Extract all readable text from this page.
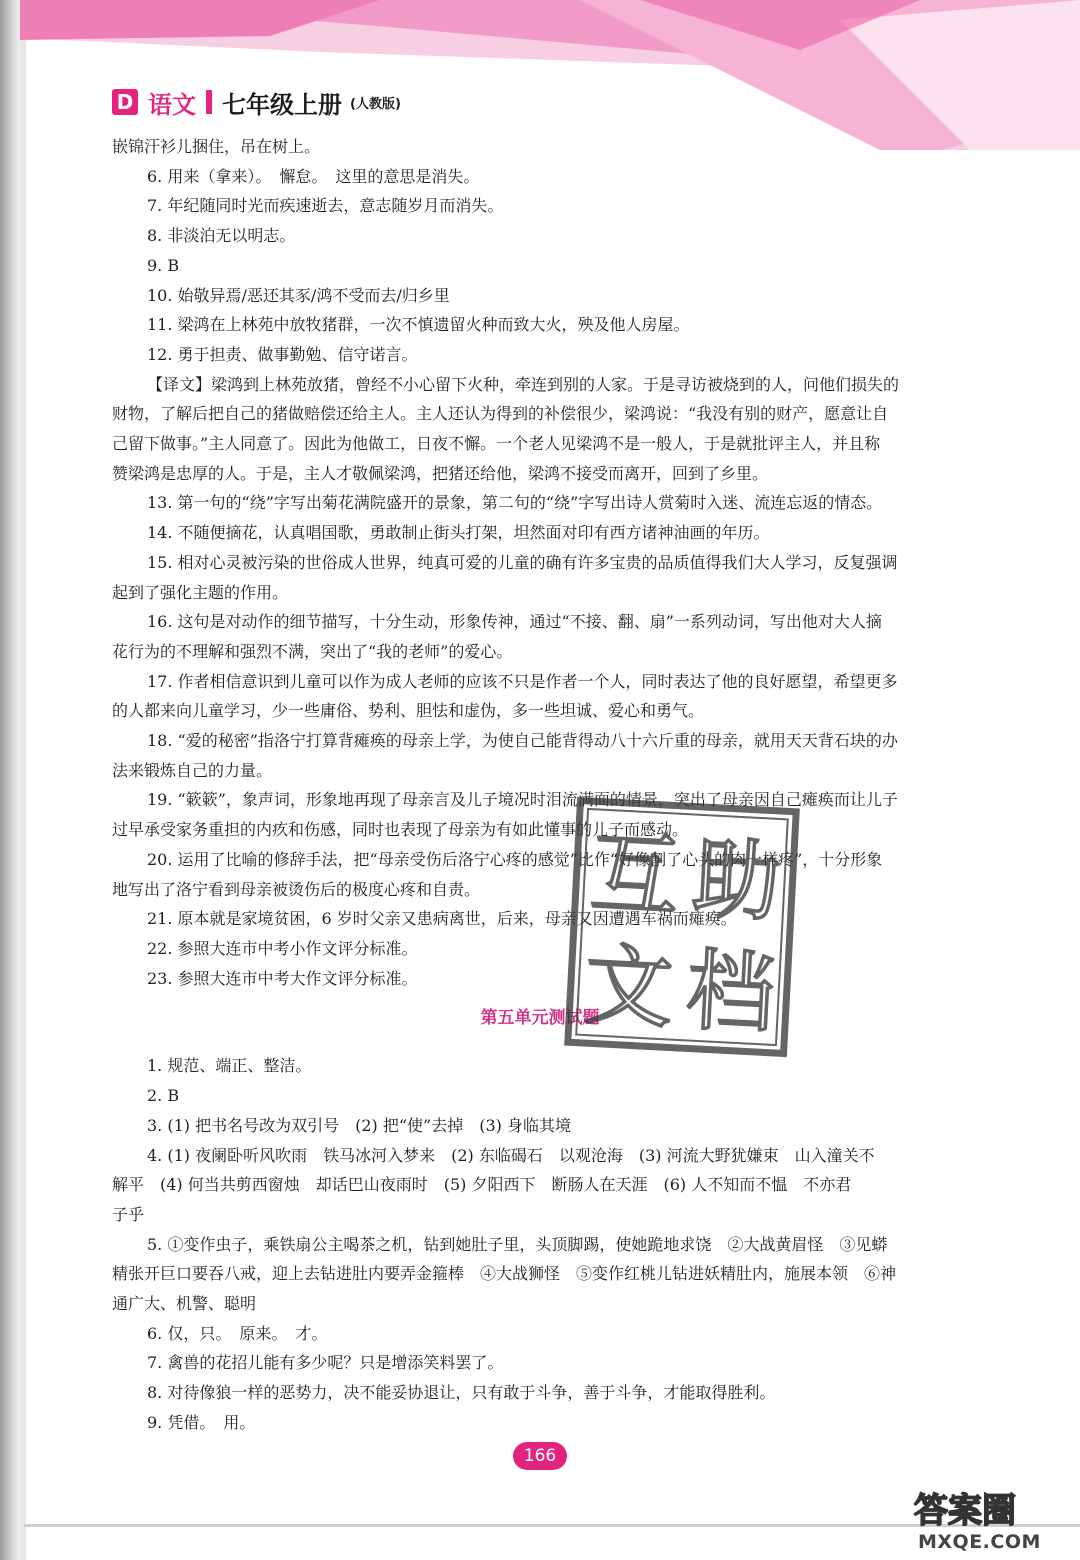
D 语文 七年级上册 (人教版)
嵌锦汗衫儿捆住，吊在树上。
6. 用来（拿来）。　懈怠。　这里的意思是消失。
7. 年纪随同时光而疾速逝去，意志随岁月而消失。
8. 非淡泊无以明志。
9. B
10. 始敬异焉/恶还其豕/鸿不受而去/归乡里
11. 梁鸿在上林苑中放牧猪群，一次不慎遗留火种而致大火，殃及他人房屋。
12. 勇于担责、做事勤勉、信守诺言。
【译文】梁鸿到上林苑放猪，曾经不小心留下火种，牵连到别的人家。于是寻访被烧到的人，问他们损失的
财物，了解后把自己的猪做赔偿还给主人。主人还认为得到的补偿很少，梁鸿说：“我没有别的财产，愿意让自
己留下做事。”主人同意了。因此为他做工，日夜不懈。一个老人见梁鸿不是一般人，于是就批评主人，并且称
赞梁鸿是忠厚的人。于是，主人才敬佩梁鸿，把猪还给他，梁鸿不接受而离开，回到了乡里。
13. 第一句的“绕”字写出菊花满院盛开的景象，第二句的“绕”字写出诗人赏菊时入迷、流连忘返的情态。
14. 不随便摘花，认真唱国歌，勇敢制止街头打架，坦然面对印有西方诸神油画的年历。
15. 相对心灵被污染的世俗成人世界，纯真可爱的儿童的确有许多宝贵的品质值得我们大人学习，反复强调
起到了强化主题的作用。
16. 这句是对动作的细节描写，十分生动，形象传神，通过“不接、翻、扇”一系列动词，写出他对大人摘
花行为的不理解和强烈不满，突出了“我的老师”的爱心。
17. 作者相信意识到儿童可以作为成人老师的应该不只是作者一个人，同时表达了他的良好愿望，希望更多
的人都来向儿童学习，少一些庸俗、势利、胆怯和虚伪，多一些坦诚、爱心和勇气。
18. “爱的秘密”指洛宁打算背瘫痪的母亲上学，为使自己能背得动八十六斤重的母亲，就用天天背石块的办
法来锻炼自己的力量。
19. “簌簌”，象声词，形象地再现了母亲言及儿子境况时泪流满面的情景，突出了母亲因自己瘫痪而让儿子
过早承受家务重担的内疚和伤感，同时也表现了母亲为有如此懂事的儿子而感动。
20. 运用了比喻的修辞手法，把“母亲受伤后洛宁心疼的感觉”比作“好像割了心头的肉一样疼”，十分形象
地写出了洛宁看到母亲被烫伤后的极度心疼和自责。
21. 原本就是家境贫困，6 岁时父亲又患病离世，后来，母亲又因遭遇车祸而瘫痪。
22. 参照大连市中考小作文评分标准。
23. 参照大连市中考大作文评分标准。
1. 规范、端正、整洁。
2. B
3. (1) 把书名号改为双引号　(2) 把“使”去掉　(3) 身临其境
4. (1) 夜阑卧听风吹雨　铁马冰河入梦来　(2) 东临碣石　以观沧海　(3) 河流大野犹嫌束　山入潼关不
解平　(4) 何当共剪西窗烛　却话巴山夜雨时　(5) 夕阳西下　断肠人在天涯　(6) 人不知而不愠　不亦君
子乎
5. ①变作虫子，乘铁扇公主喝茶之机，钻到她肚子里，头顶脚踢，使她跪地求饶　②大战黄眉怪　③见蟒
精张开巨口要吞八戒，迎上去钻进肚内要弄金箍棒　④大战狮怪　⑤变作红桃儿钻进妖精肚内，施展本领　⑥神
通广大、机警、聪明
6. 仅，只。　原来。　才。
7. 禽兽的花招儿能有多少呢？只是增添笑料罢了。
8. 对待像狼一样的恶势力，决不能妥协退让，只有敢于斗争，善于斗争，才能取得胜利。
9. 凭借。　用。
第五单元测试题
互 助
文 档
166
答案圈
MXQE.COM
